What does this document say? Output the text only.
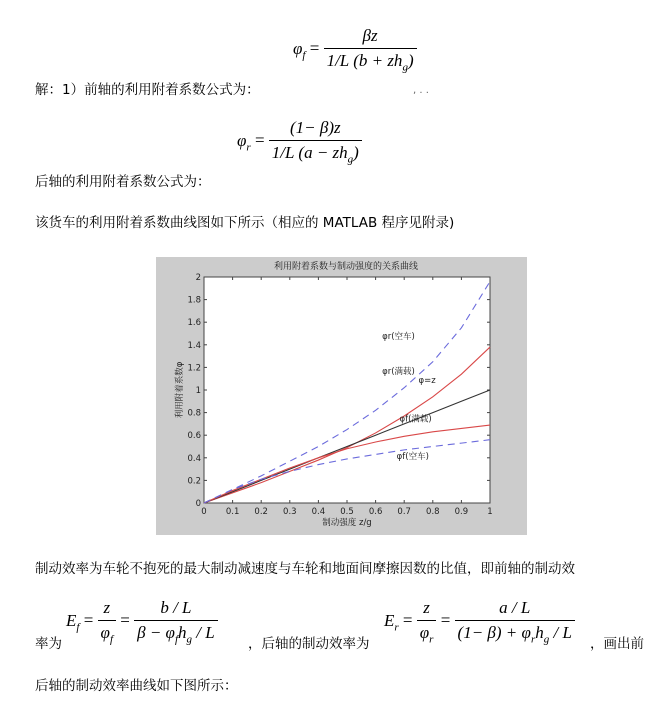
$\varphi_f = \frac{\beta z}{1/L (b + zh_g)}$
解：1）前轴的利用附着系数公式为：	, . .
$\varphi_r = \frac{(1- \beta)z}{1/L (a - zh_g)}$
后轴的利用附着系数公式为：
该货车的利用附着系数曲线图如下所示（相应的 MATLAB 程序见附录)
利用附着系数与制动强度的关系曲线
0 0.1 0.2 0.3 0.4 0.5 0.6 0.7 0.8 0.9 1
0
0.2
0.4
0.6
0.8
1
1.2
1.4
1.6
1.8
2
φr(空车)
φr(满载)
φ=z
φf(满载)
φf(空车)
制动强度 z/g
利用附着系数φ
制动效率为车轮不抱死的最大制动减速度与车轮和地面间摩擦因数的比值，即前轴的制动效
率为
$E_f = \frac{z}{\varphi_f} = \frac{b / L}{\beta - \varphi_fh_g / L}$ ，后轴的制动效率为
$E_r = \frac{z}{\varphi_r} = \frac{a / L}{(1- \beta) + \varphi_rh_g / L}$ ，画出前
后轴的制动效率曲线如下图所示：
